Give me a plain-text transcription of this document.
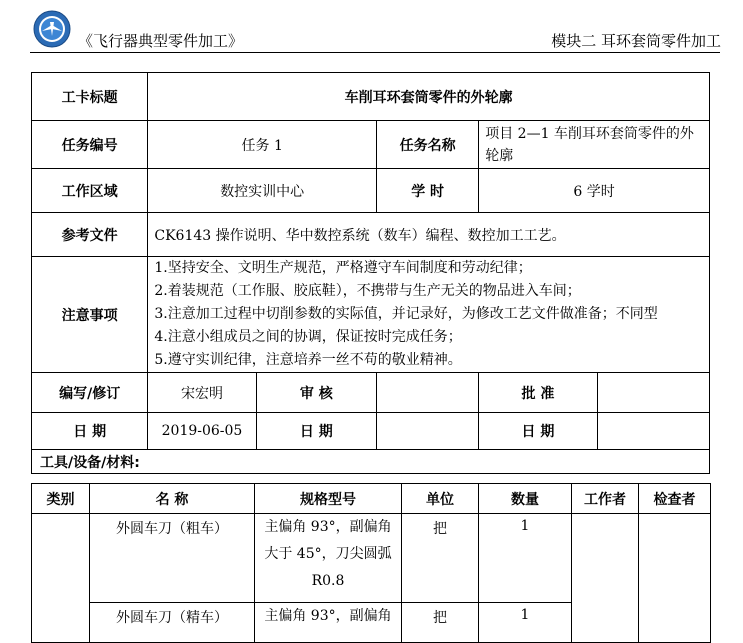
《飞行器典型零件加工》	模块二 耳环套筒零件加工
工卡标题	车削耳环套筒零件的外轮廓				
任务编号	任务 1		任务名称	项目 2—1 车削耳环套筒零件的外轮廓	
工作区域	数控实训中心		学 时	6 学时	
参考文件	CK6143 操作说明、华中数控系统（数车）编程、数控加工工艺。				
注意事项	1.坚持安全、文明生产规范，严格遵守车间制度和劳动纪律；
2.着装规范（工作服、胶底鞋），不携带与生产无关的物品进入车间；
3.注意加工过程中切削参数的实际值，并记录好，为修改工艺文件做准备；不同型
4.注意小组成员之间的协调，保证按时完成任务；
5.遵守实训纪律，注意培养一丝不苟的敬业精神。				

编写/修订	宋宏明	审 核		批 准	
日 期	2019-06-05	日 期		日 期	
工具/设备/材料:					
类别	名 称	规格型号	单位	数量	工作者	检查者
	外圆车刀（粗车）	主偏角 93°，副偏角
大于 45°，刀尖圆弧
R0.8	把	1		
	外圆车刀（精车）	主偏角 93°，副偏角	把	1		
